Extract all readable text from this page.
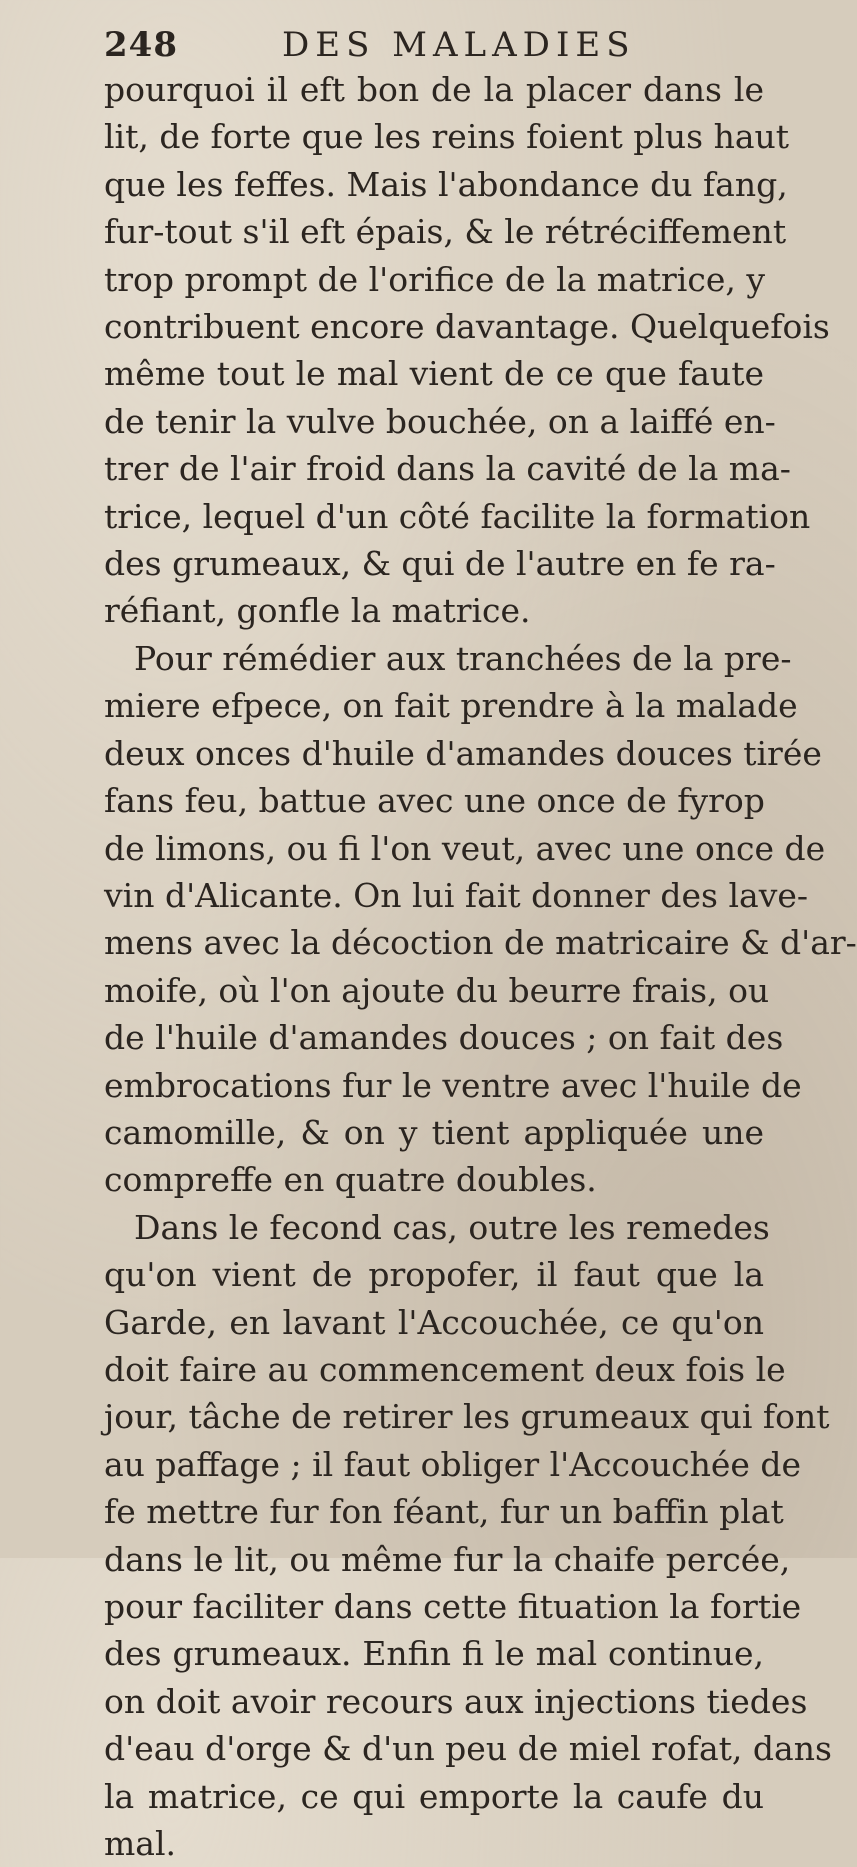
248	DES MALADIES
pourquoi il eft bon de la placer dans le
lit, de forte que les reins foient plus haut
que les feffes. Mais l'abondance du fang,
fur-tout s'il eft épais, & le rétréciffement
trop prompt de l'orifice de la matrice, y
contribuent encore davantage. Quelquefois
même tout le mal vient de ce que faute
de tenir la vulve bouchée, on a laiffé en-
trer de l'air froid dans la cavité de la ma-
trice, lequel d'un côté facilite la formation
des grumeaux, & qui de l'autre en fe ra-
réfiant, gonfle la matrice.
Pour rémédier aux tranchées de la pre-
miere efpece, on fait prendre à la malade
deux onces d'huile d'amandes douces tirée
fans feu, battue avec une once de fyrop
de limons, ou fi l'on veut, avec une once de
vin d'Alicante. On lui fait donner des lave-
mens avec la décoction de matricaire & d'ar-
moife, où l'on ajoute du beurre frais, ou
de l'huile d'amandes douces ; on fait des
embrocations fur le ventre avec l'huile de
camomille, & on y tient appliquée une
compreffe en quatre doubles.
Dans le fecond cas, outre les remedes
qu'on vient de propofer, il faut que la
Garde, en lavant l'Accouchée, ce qu'on
doit faire au commencement deux fois le
jour, tâche de retirer les grumeaux qui font
au paffage ; il faut obliger l'Accouchée de
fe mettre fur fon féant, fur un baffin plat
dans le lit, ou même fur la chaife percée,
pour faciliter dans cette fituation la fortie
des grumeaux. Enfin fi le mal continue,
on doit avoir recours aux injections tiedes
d'eau d'orge & d'un peu de miel rofat, dans
la matrice, ce qui emporte la caufe du
mal.
